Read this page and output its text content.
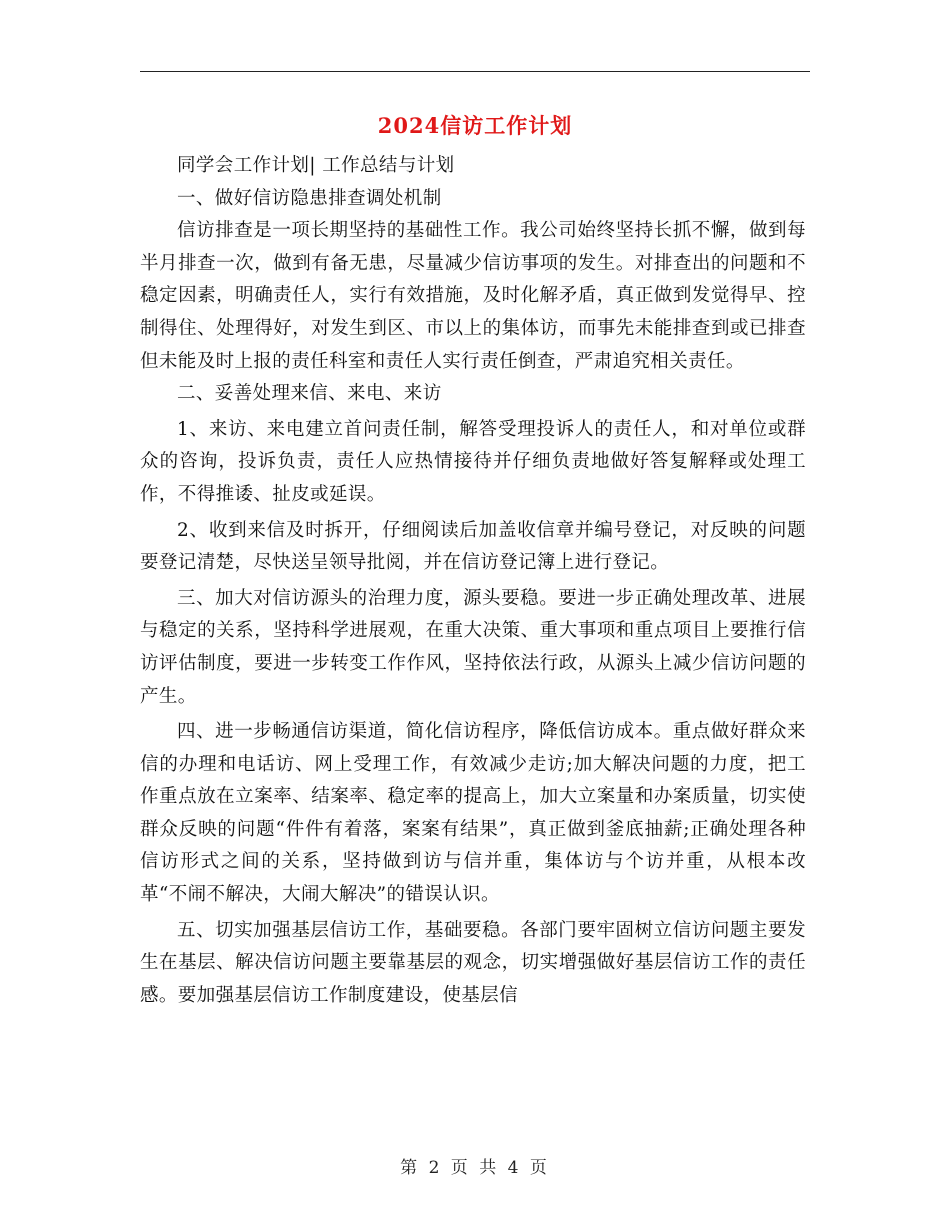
2024信访工作计划

同学会工作计划| 工作总结与计划

一、做好信访隐患排查调处机制

信访排查是一项长期坚持的基础性工作。我公司始终坚持长抓不懈，做到每半月排查一次，做到有备无患，尽量减少信访事项的发生。对排查出的问题和不稳定因素，明确责任人，实行有效措施，及时化解矛盾，真正做到发觉得早、控制得住、处理得好，对发生到区、市以上的集体访，而事先未能排查到或已排查但未能及时上报的责任科室和责任人实行责任倒查，严肃追究相关责任。

二、妥善处理来信、来电、来访

1、来访、来电建立首问责任制，解答受理投诉人的责任人，和对单位或群众的咨询，投诉负责，责任人应热情接待并仔细负责地做好答复解释或处理工作，不得推诿、扯皮或延误。

2、收到来信及时拆开，仔细阅读后加盖收信章并编号登记，对反映的问题要登记清楚，尽快送呈领导批阅，并在信访登记簿上进行登记。

三、加大对信访源头的治理力度，源头要稳。要进一步正确处理改革、进展与稳定的关系，坚持科学进展观，在重大决策、重大事项和重点项目上要推行信访评估制度，要进一步转变工作作风，坚持依法行政，从源头上减少信访问题的产生。

四、进一步畅通信访渠道，简化信访程序，降低信访成本。重点做好群众来信的办理和电话访、网上受理工作，有效减少走访;加大解决问题的力度，把工作重点放在立案率、结案率、稳定率的提高上，加大立案量和办案质量，切实使群众反映的问题“件件有着落，案案有结果”，真正做到釜底抽薪;正确处理各种信访形式之间的关系，坚持做到访与信并重，集体访与个访并重，从根本改革“不闹不解决，大闹大解决”的错误认识。

五、切实加强基层信访工作，基础要稳。各部门要牢固树立信访问题主要发生在基层、解决信访问题主要靠基层的观念，切实增强做好基层信访工作的责任感。要加强基层信访工作制度建设，使基层信

第 2 页 共 4 页
